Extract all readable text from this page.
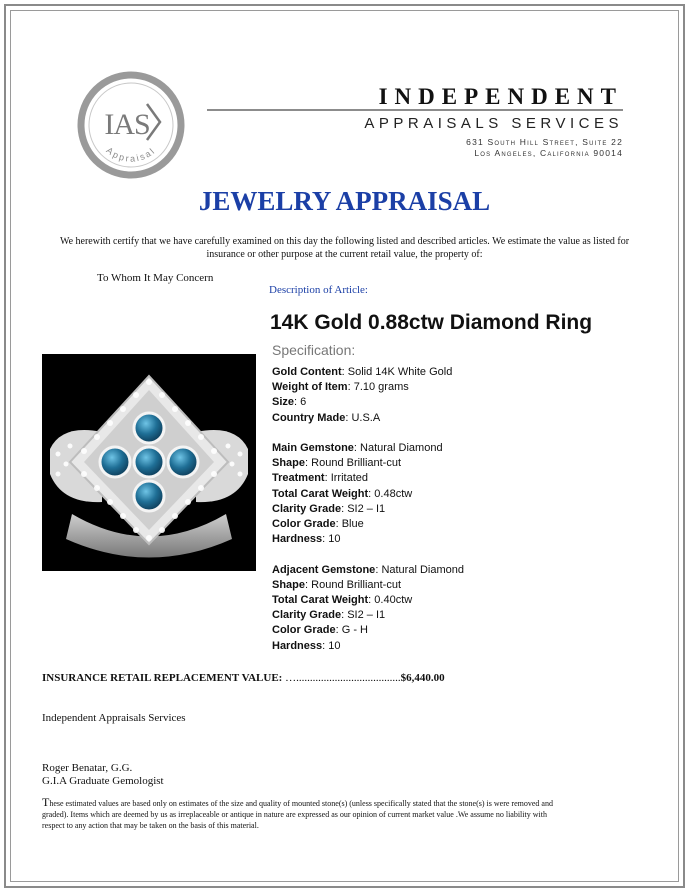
IAS
Appraisal
INDEPENDENT
APPRAISALS SERVICES
631 South Hill Street, Suite 22
Los Angeles, California 90014
JEWELRY APPRAISAL
We herewith certify that we have carefully examined on this day the following listed and described articles. We estimate the value as listed for insurance or other purpose at the current retail value, the property of:
To Whom It May Concern
Description of Article:
14K Gold 0.88ctw Diamond Ring
Specification:
Gold Content: Solid 14K White Gold
Weight of Item: 7.10 grams
Size: 6
Country Made: U.S.A
Main Gemstone: Natural Diamond
Shape: Round Brilliant-cut
Treatment: Irritated
Total Carat Weight: 0.48ctw
Clarity Grade: SI2 – I1
Color Grade: Blue
Hardness: 10
Adjacent Gemstone: Natural Diamond
Shape: Round Brilliant-cut
Total Carat Weight: 0.40ctw
Clarity Grade: SI2 – I1
Color Grade: G - H
Hardness: 10
INSURANCE RETAIL REPLACEMENT VALUE: …......................................$6,440.00
Independent Appraisals Services
Roger Benatar, G.G.
G.I.A Graduate Gemologist
These estimated values are based only on estimates of the size and quality of mounted stone(s) (unless specifically stated that the stone(s) is were removed and graded). Items which are deemed by us as irreplaceable or antique in nature are expressed as our opinion of current market value .We assume no liability with respect to any action that may be taken on the basis of this material.
